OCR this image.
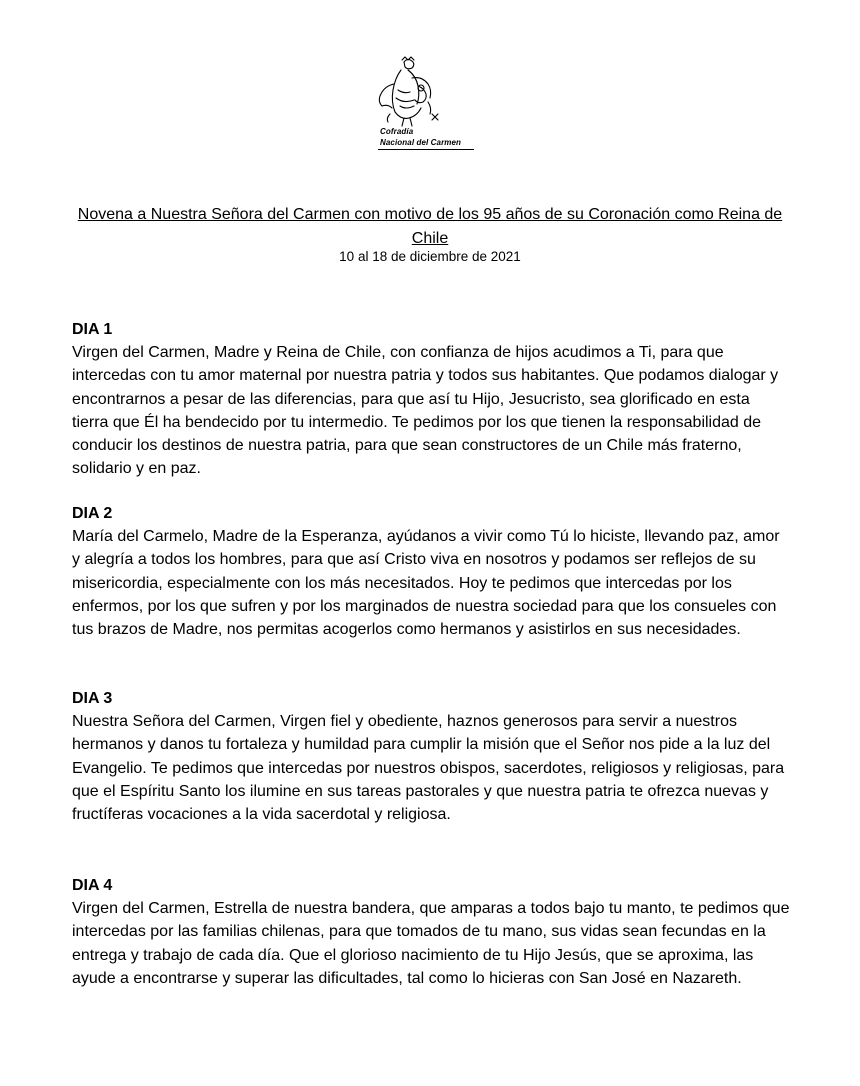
Cofradía
Nacional del Carmen
Novena a Nuestra Señora del Carmen con motivo de los 95 años de su Coronación como Reina de Chile
10 al 18 de diciembre de 2021

DIA 1

Virgen del Carmen, Madre y Reina de Chile, con confianza de hijos acudimos a Ti, para que intercedas con tu amor maternal por nuestra patria y todos sus habitantes. Que podamos dialogar y encontrarnos a pesar de las diferencias, para que así tu Hijo, Jesucristo, sea glorificado en esta tierra que Él ha bendecido por tu intermedio. Te pedimos por los que tienen la responsabilidad de conducir los destinos de nuestra patria, para que sean constructores de un Chile más fraterno, solidario y en paz.

DIA 2

María del Carmelo, Madre de la Esperanza, ayúdanos a vivir como Tú lo hiciste, llevando paz, amor y alegría a todos los hombres, para que así Cristo viva en nosotros y podamos ser reflejos de su misericordia, especialmente con los más necesitados. Hoy te pedimos que intercedas por los enfermos, por los que sufren y por los marginados de nuestra sociedad para que los consueles con tus brazos de Madre, nos permitas acogerlos como hermanos y asistirlos en sus necesidades.

DIA 3

Nuestra Señora del Carmen, Virgen fiel y obediente, haznos generosos para servir a nuestros hermanos y danos tu fortaleza y humildad para cumplir la misión que el Señor nos pide a la luz del Evangelio. Te pedimos que intercedas por nuestros obispos, sacerdotes, religiosos y religiosas, para que el Espíritu Santo los ilumine en sus tareas pastorales y que nuestra patria te ofrezca nuevas y fructíferas vocaciones a la vida sacerdotal y religiosa.

DIA 4

Virgen del Carmen, Estrella de nuestra bandera, que amparas a todos bajo tu manto, te pedimos que intercedas por las familias chilenas, para que tomados de tu mano, sus vidas sean fecundas en la entrega y trabajo de cada día. Que el glorioso nacimiento de tu Hijo Jesús, que se aproxima, las ayude a encontrarse y superar las dificultades, tal como lo hicieras con San José en Nazareth.
